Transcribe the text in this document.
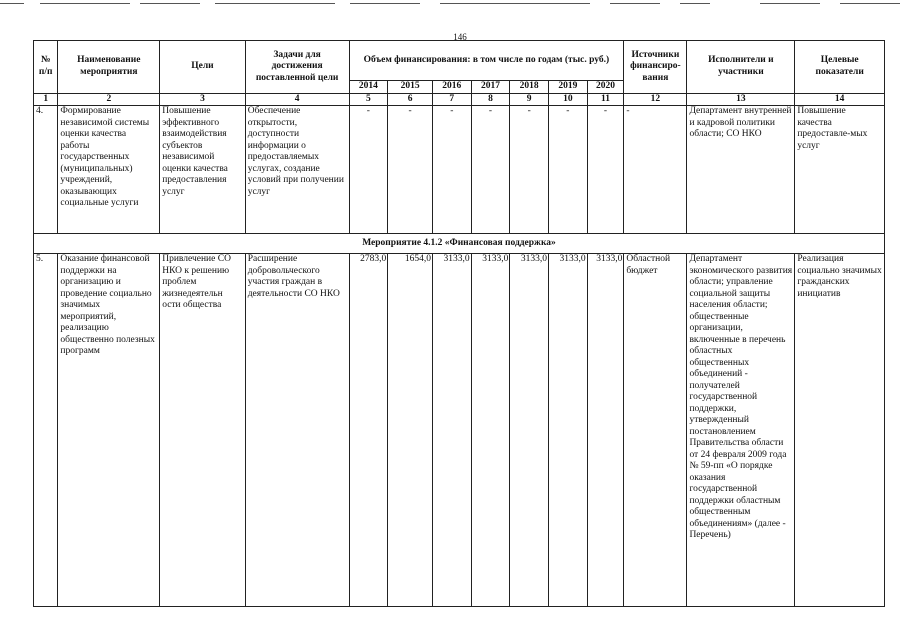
146
№ п/п	Наименование мероприятия	Цели	Задачи для достижения поставленной цели	Объем финансирования: в том числе по годам (тыс. руб.)							Источники финансиро-вания	Исполнители и участники	Целевые показатели
				2014	2015	2016	2017	2018	2019	2020			
1	2	3	4	5	6	7	8	9	10	11	12	13	14
4.	Формирование независимой системы оценки качества работы государственных (муниципальных) учреждений, оказывающих социальные услуги	Повышение эффективного взаимодействия субъектов независимой оценки качества предоставления услуг	Обеспечение открытости, доступности информации о предоставляемых услугах, создание условий при получении услуг	-	-	-	-	-	-	-	-	Департамент внутренней и кадровой политики области; СО НКО	Повышение качества предоставле-мых услуг
Мероприятие 4.1.2 «Финансовая поддержка»													
5.	Оказание финансовой поддержки на организацию и проведение социально значимых мероприятий, реализацию общественно полезных программ	Привлечение СО НКО к решению проблем жизнедеятельн ости общества	Расширение добровольческого участия граждан в деятельности СО НКО	2783,0	1654,0	3133,0	3133,0	3133,0	3133,0	3133,0	Областной бюджет	Департамент экономического развития области; управление социальной защиты населения области; общественные организации, включенные в перечень областных общественных объединений - получателей государственной поддержки, утвержденный постановлением Правительства области от 24 февраля 2009 года № 59-пп «О порядке оказания государственной поддержки областным общественным объединениям» (далее - Перечень)	Реализация социально значимых гражданских инициатив
